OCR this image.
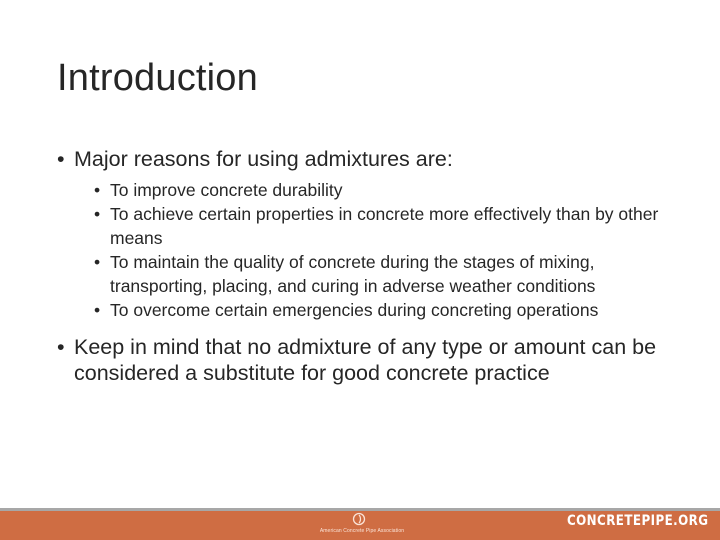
Introduction
• Major reasons for using admixtures are:
• To improve concrete durability
• To achieve certain properties in concrete more effectively than by other means
• To maintain the quality of concrete during the stages of mixing, transporting, placing, and curing in adverse weather conditions
• To overcome certain emergencies during concreting operations
• Keep in mind that no admixture of any type or amount can be considered a substitute for good concrete practice
American Concrete Pipe Association
CONCRETEPIPE.ORG
